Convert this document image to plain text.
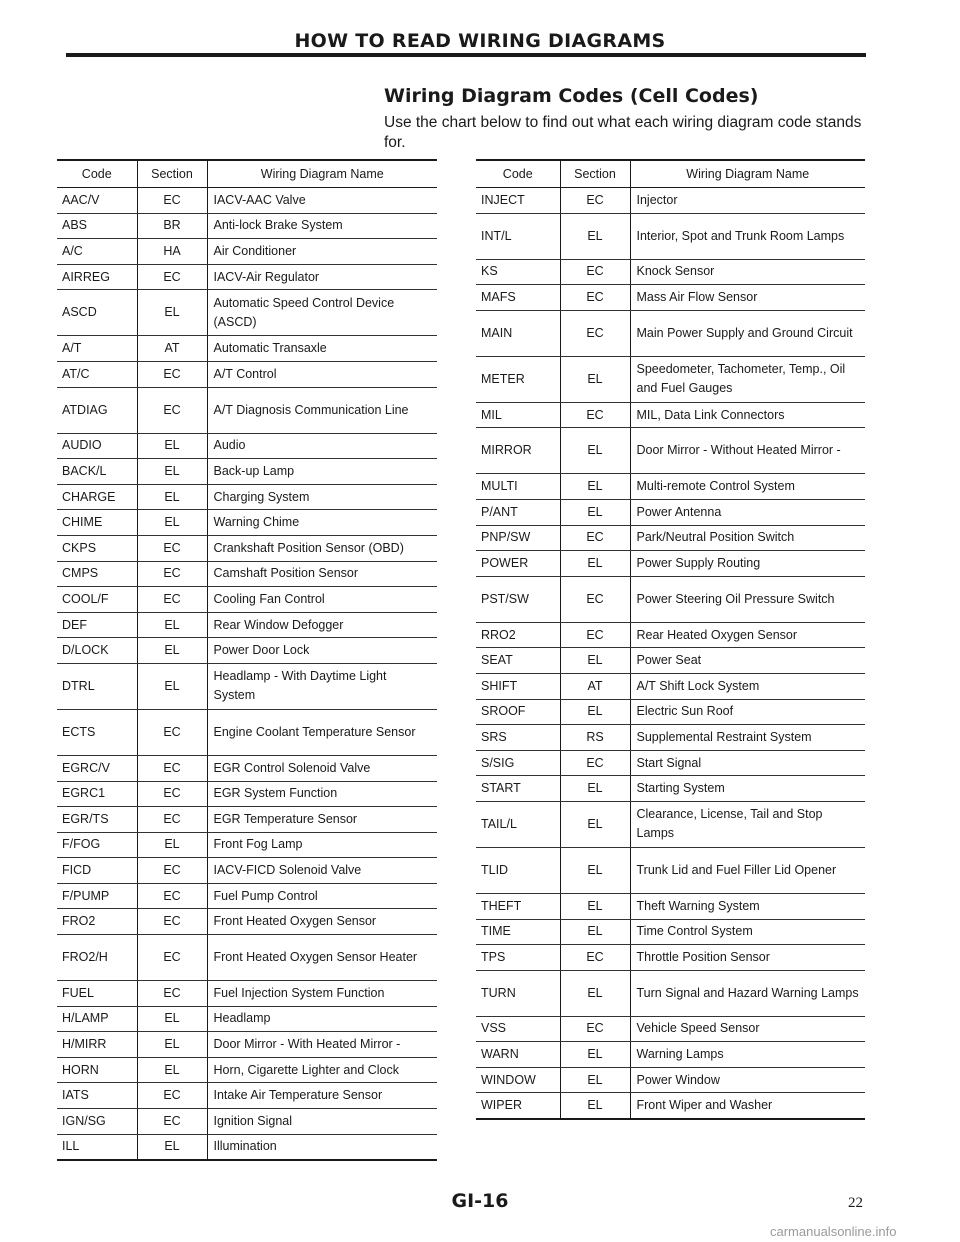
HOW TO READ WIRING DIAGRAMS
Wiring Diagram Codes (Cell Codes)
Use the chart below to find out what each wiring diagram code stands for.
Code	Section	Wiring Diagram Name
AAC/V	EC	IACV-AAC Valve
ABS	BR	Anti-lock Brake System
A/C	HA	Air Conditioner
AIRREG	EC	IACV-Air Regulator
ASCD	EL	Automatic Speed Control Device (ASCD)
A/T	AT	Automatic Transaxle
AT/C	EC	A/T Control
ATDIAG	EC	A/T Diagnosis Communication Line
AUDIO	EL	Audio
BACK/L	EL	Back-up Lamp
CHARGE	EL	Charging System
CHIME	EL	Warning Chime
CKPS	EC	Crankshaft Position Sensor (OBD)
CMPS	EC	Camshaft Position Sensor
COOL/F	EC	Cooling Fan Control
DEF	EL	Rear Window Defogger
D/LOCK	EL	Power Door Lock
DTRL	EL	Headlamp - With Daytime Light System
ECTS	EC	Engine Coolant Temperature Sensor
EGRC/V	EC	EGR Control Solenoid Valve
EGRC1	EC	EGR System Function
EGR/TS	EC	EGR Temperature Sensor
F/FOG	EL	Front Fog Lamp
FICD	EC	IACV-FICD Solenoid Valve
F/PUMP	EC	Fuel Pump Control
FRO2	EC	Front Heated Oxygen Sensor
FRO2/H	EC	Front Heated Oxygen Sensor Heater
FUEL	EC	Fuel Injection System Function
H/LAMP	EL	Headlamp
H/MIRR	EL	Door Mirror - With Heated Mirror -
HORN	EL	Horn, Cigarette Lighter and Clock
IATS	EC	Intake Air Temperature Sensor
IGN/SG	EC	Ignition Signal
ILL	EL	Illumination
Code	Section	Wiring Diagram Name
INJECT	EC	Injector
INT/L	EL	Interior, Spot and Trunk Room Lamps
KS	EC	Knock Sensor
MAFS	EC	Mass Air Flow Sensor
MAIN	EC	Main Power Supply and Ground Circuit
METER	EL	Speedometer, Tachometer, Temp., Oil and Fuel Gauges
MIL	EC	MIL, Data Link Connectors
MIRROR	EL	Door Mirror - Without Heated Mirror -
MULTI	EL	Multi-remote Control System
P/ANT	EL	Power Antenna
PNP/SW	EC	Park/Neutral Position Switch
POWER	EL	Power Supply Routing
PST/SW	EC	Power Steering Oil Pressure Switch
RRO2	EC	Rear Heated Oxygen Sensor
SEAT	EL	Power Seat
SHIFT	AT	A/T Shift Lock System
SROOF	EL	Electric Sun Roof
SRS	RS	Supplemental Restraint System
S/SIG	EC	Start Signal
START	EL	Starting System
TAIL/L	EL	Clearance, License, Tail and Stop Lamps
TLID	EL	Trunk Lid and Fuel Filler Lid Opener
THEFT	EL	Theft Warning System
TIME	EL	Time Control System
TPS	EC	Throttle Position Sensor
TURN	EL	Turn Signal and Hazard Warning Lamps
VSS	EC	Vehicle Speed Sensor
WARN	EL	Warning Lamps
WINDOW	EL	Power Window
WIPER	EL	Front Wiper and Washer
GI-16	22
carmanualsonline.info
